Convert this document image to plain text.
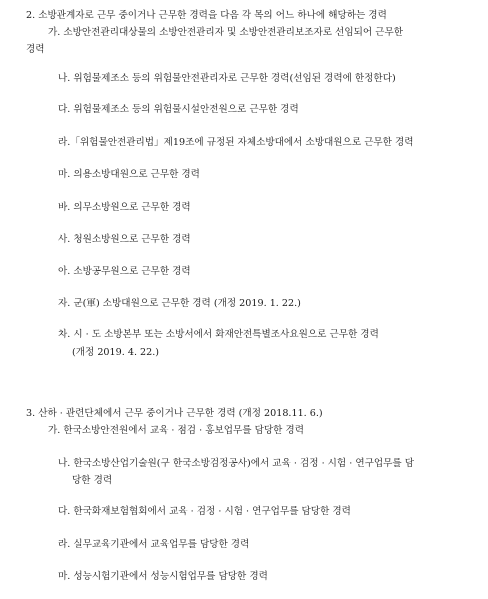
2. 소방관계자로 근무 중이거나 근무한 경력을 다음 각 목의 어느 하나에 해당하는 경력
가. 소방안전관리대상물의 소방안전관리자 및 소방안전관리보조자로 선임되어 근무한
경력
나. 위험물제조소 등의 위험물안전관리자로 근무한 경력(선임된 경력에 한정한다)
다. 위험물제조소 등의 위험물시설안전원으로 근무한 경력
라.「위험물안전관리법」제19조에 규정된 자체소방대에서 소방대원으로 근무한 경력
마. 의용소방대원으로 근무한 경력
바. 의무소방원으로 근무한 경력
사. 청원소방원으로 근무한 경력
아. 소방공무원으로 근무한 경력
자. 군(軍) 소방대원으로 근무한 경력 (개정 2019. 1. 22.)
차. 시 · 도 소방본부 또는 소방서에서 화재안전특별조사요원으로 근무한 경력
(개정 2019. 4. 22.)
3. 산하 · 관련단체에서 근무 중이거나 근무한 경력 (개정 2018.11. 6.)
가. 한국소방안전원에서 교육 · 점검 · 홍보업무를 담당한 경력
나. 한국소방산업기술원(구 한국소방검정공사)에서 교육 · 검정 · 시험 · 연구업무를 담
당한 경력
다. 한국화재보험협회에서 교육 · 검정 · 시험 · 연구업무를 담당한 경력
라. 실무교육기관에서 교육업무를 담당한 경력
마. 성능시험기관에서 성능시험업무를 담당한 경력
